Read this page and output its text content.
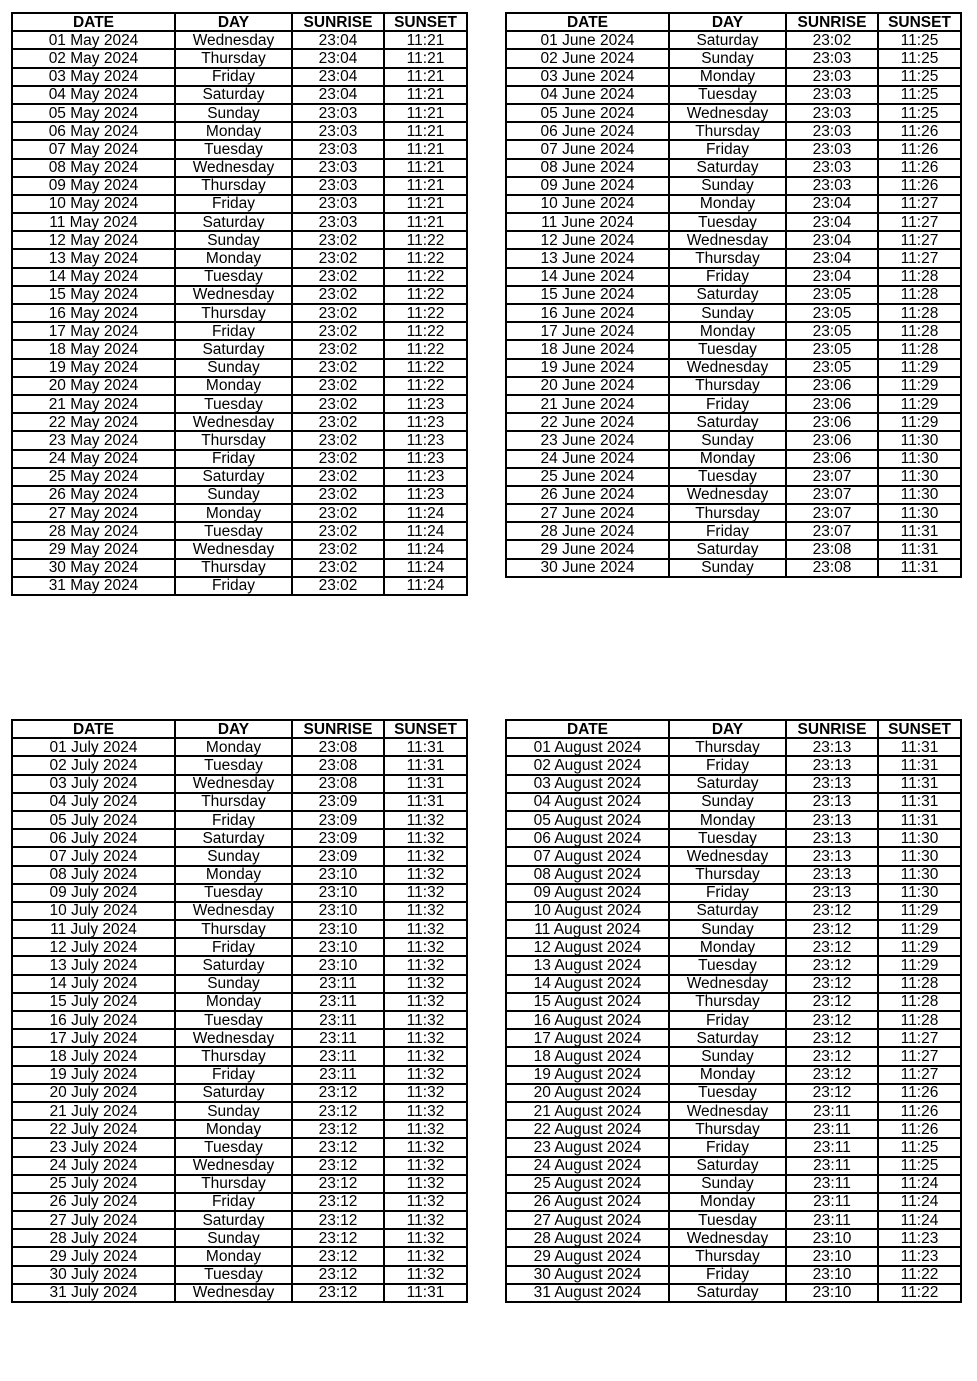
DATE	DAY	SUNRISE	SUNSET
01 May 2024	Wednesday	23:04	11:21
02 May 2024	Thursday	23:04	11:21
03 May 2024	Friday	23:04	11:21
04 May 2024	Saturday	23:04	11:21
05 May 2024	Sunday	23:03	11:21
06 May 2024	Monday	23:03	11:21
07 May 2024	Tuesday	23:03	11:21
08 May 2024	Wednesday	23:03	11:21
09 May 2024	Thursday	23:03	11:21
10 May 2024	Friday	23:03	11:21
11 May 2024	Saturday	23:03	11:21
12 May 2024	Sunday	23:02	11:22
13 May 2024	Monday	23:02	11:22
14 May 2024	Tuesday	23:02	11:22
15 May 2024	Wednesday	23:02	11:22
16 May 2024	Thursday	23:02	11:22
17 May 2024	Friday	23:02	11:22
18 May 2024	Saturday	23:02	11:22
19 May 2024	Sunday	23:02	11:22
20 May 2024	Monday	23:02	11:22
21 May 2024	Tuesday	23:02	11:23
22 May 2024	Wednesday	23:02	11:23
23 May 2024	Thursday	23:02	11:23
24 May 2024	Friday	23:02	11:23
25 May 2024	Saturday	23:02	11:23
26 May 2024	Sunday	23:02	11:23
27 May 2024	Monday	23:02	11:24
28 May 2024	Tuesday	23:02	11:24
29 May 2024	Wednesday	23:02	11:24
30 May 2024	Thursday	23:02	11:24
31 May 2024	Friday	23:02	11:24
DATE	DAY	SUNRISE	SUNSET
01 June 2024	Saturday	23:02	11:25
02 June 2024	Sunday	23:03	11:25
03 June 2024	Monday	23:03	11:25
04 June 2024	Tuesday	23:03	11:25
05 June 2024	Wednesday	23:03	11:25
06 June 2024	Thursday	23:03	11:26
07 June 2024	Friday	23:03	11:26
08 June 2024	Saturday	23:03	11:26
09 June 2024	Sunday	23:03	11:26
10 June 2024	Monday	23:04	11:27
11 June 2024	Tuesday	23:04	11:27
12 June 2024	Wednesday	23:04	11:27
13 June 2024	Thursday	23:04	11:27
14 June 2024	Friday	23:04	11:28
15 June 2024	Saturday	23:05	11:28
16 June 2024	Sunday	23:05	11:28
17 June 2024	Monday	23:05	11:28
18 June 2024	Tuesday	23:05	11:28
19 June 2024	Wednesday	23:05	11:29
20 June 2024	Thursday	23:06	11:29
21 June 2024	Friday	23:06	11:29
22 June 2024	Saturday	23:06	11:29
23 June 2024	Sunday	23:06	11:30
24 June 2024	Monday	23:06	11:30
25 June 2024	Tuesday	23:07	11:30
26 June 2024	Wednesday	23:07	11:30
27 June 2024	Thursday	23:07	11:30
28 June 2024	Friday	23:07	11:31
29 June 2024	Saturday	23:08	11:31
30 June 2024	Sunday	23:08	11:31
DATE	DAY	SUNRISE	SUNSET
01 July 2024	Monday	23:08	11:31
02 July 2024	Tuesday	23:08	11:31
03 July 2024	Wednesday	23:08	11:31
04 July 2024	Thursday	23:09	11:31
05 July 2024	Friday	23:09	11:32
06 July 2024	Saturday	23:09	11:32
07 July 2024	Sunday	23:09	11:32
08 July 2024	Monday	23:10	11:32
09 July 2024	Tuesday	23:10	11:32
10 July 2024	Wednesday	23:10	11:32
11 July 2024	Thursday	23:10	11:32
12 July 2024	Friday	23:10	11:32
13 July 2024	Saturday	23:10	11:32
14 July 2024	Sunday	23:11	11:32
15 July 2024	Monday	23:11	11:32
16 July 2024	Tuesday	23:11	11:32
17 July 2024	Wednesday	23:11	11:32
18 July 2024	Thursday	23:11	11:32
19 July 2024	Friday	23:11	11:32
20 July 2024	Saturday	23:12	11:32
21 July 2024	Sunday	23:12	11:32
22 July 2024	Monday	23:12	11:32
23 July 2024	Tuesday	23:12	11:32
24 July 2024	Wednesday	23:12	11:32
25 July 2024	Thursday	23:12	11:32
26 July 2024	Friday	23:12	11:32
27 July 2024	Saturday	23:12	11:32
28 July 2024	Sunday	23:12	11:32
29 July 2024	Monday	23:12	11:32
30 July 2024	Tuesday	23:12	11:32
31 July 2024	Wednesday	23:12	11:31
DATE	DAY	SUNRISE	SUNSET
01 August 2024	Thursday	23:13	11:31
02 August 2024	Friday	23:13	11:31
03 August 2024	Saturday	23:13	11:31
04 August 2024	Sunday	23:13	11:31
05 August 2024	Monday	23:13	11:31
06 August 2024	Tuesday	23:13	11:30
07 August 2024	Wednesday	23:13	11:30
08 August 2024	Thursday	23:13	11:30
09 August 2024	Friday	23:13	11:30
10 August 2024	Saturday	23:12	11:29
11 August 2024	Sunday	23:12	11:29
12 August 2024	Monday	23:12	11:29
13 August 2024	Tuesday	23:12	11:29
14 August 2024	Wednesday	23:12	11:28
15 August 2024	Thursday	23:12	11:28
16 August 2024	Friday	23:12	11:28
17 August 2024	Saturday	23:12	11:27
18 August 2024	Sunday	23:12	11:27
19 August 2024	Monday	23:12	11:27
20 August 2024	Tuesday	23:12	11:26
21 August 2024	Wednesday	23:11	11:26
22 August 2024	Thursday	23:11	11:26
23 August 2024	Friday	23:11	11:25
24 August 2024	Saturday	23:11	11:25
25 August 2024	Sunday	23:11	11:24
26 August 2024	Monday	23:11	11:24
27 August 2024	Tuesday	23:11	11:24
28 August 2024	Wednesday	23:10	11:23
29 August 2024	Thursday	23:10	11:23
30 August 2024	Friday	23:10	11:22
31 August 2024	Saturday	23:10	11:22
